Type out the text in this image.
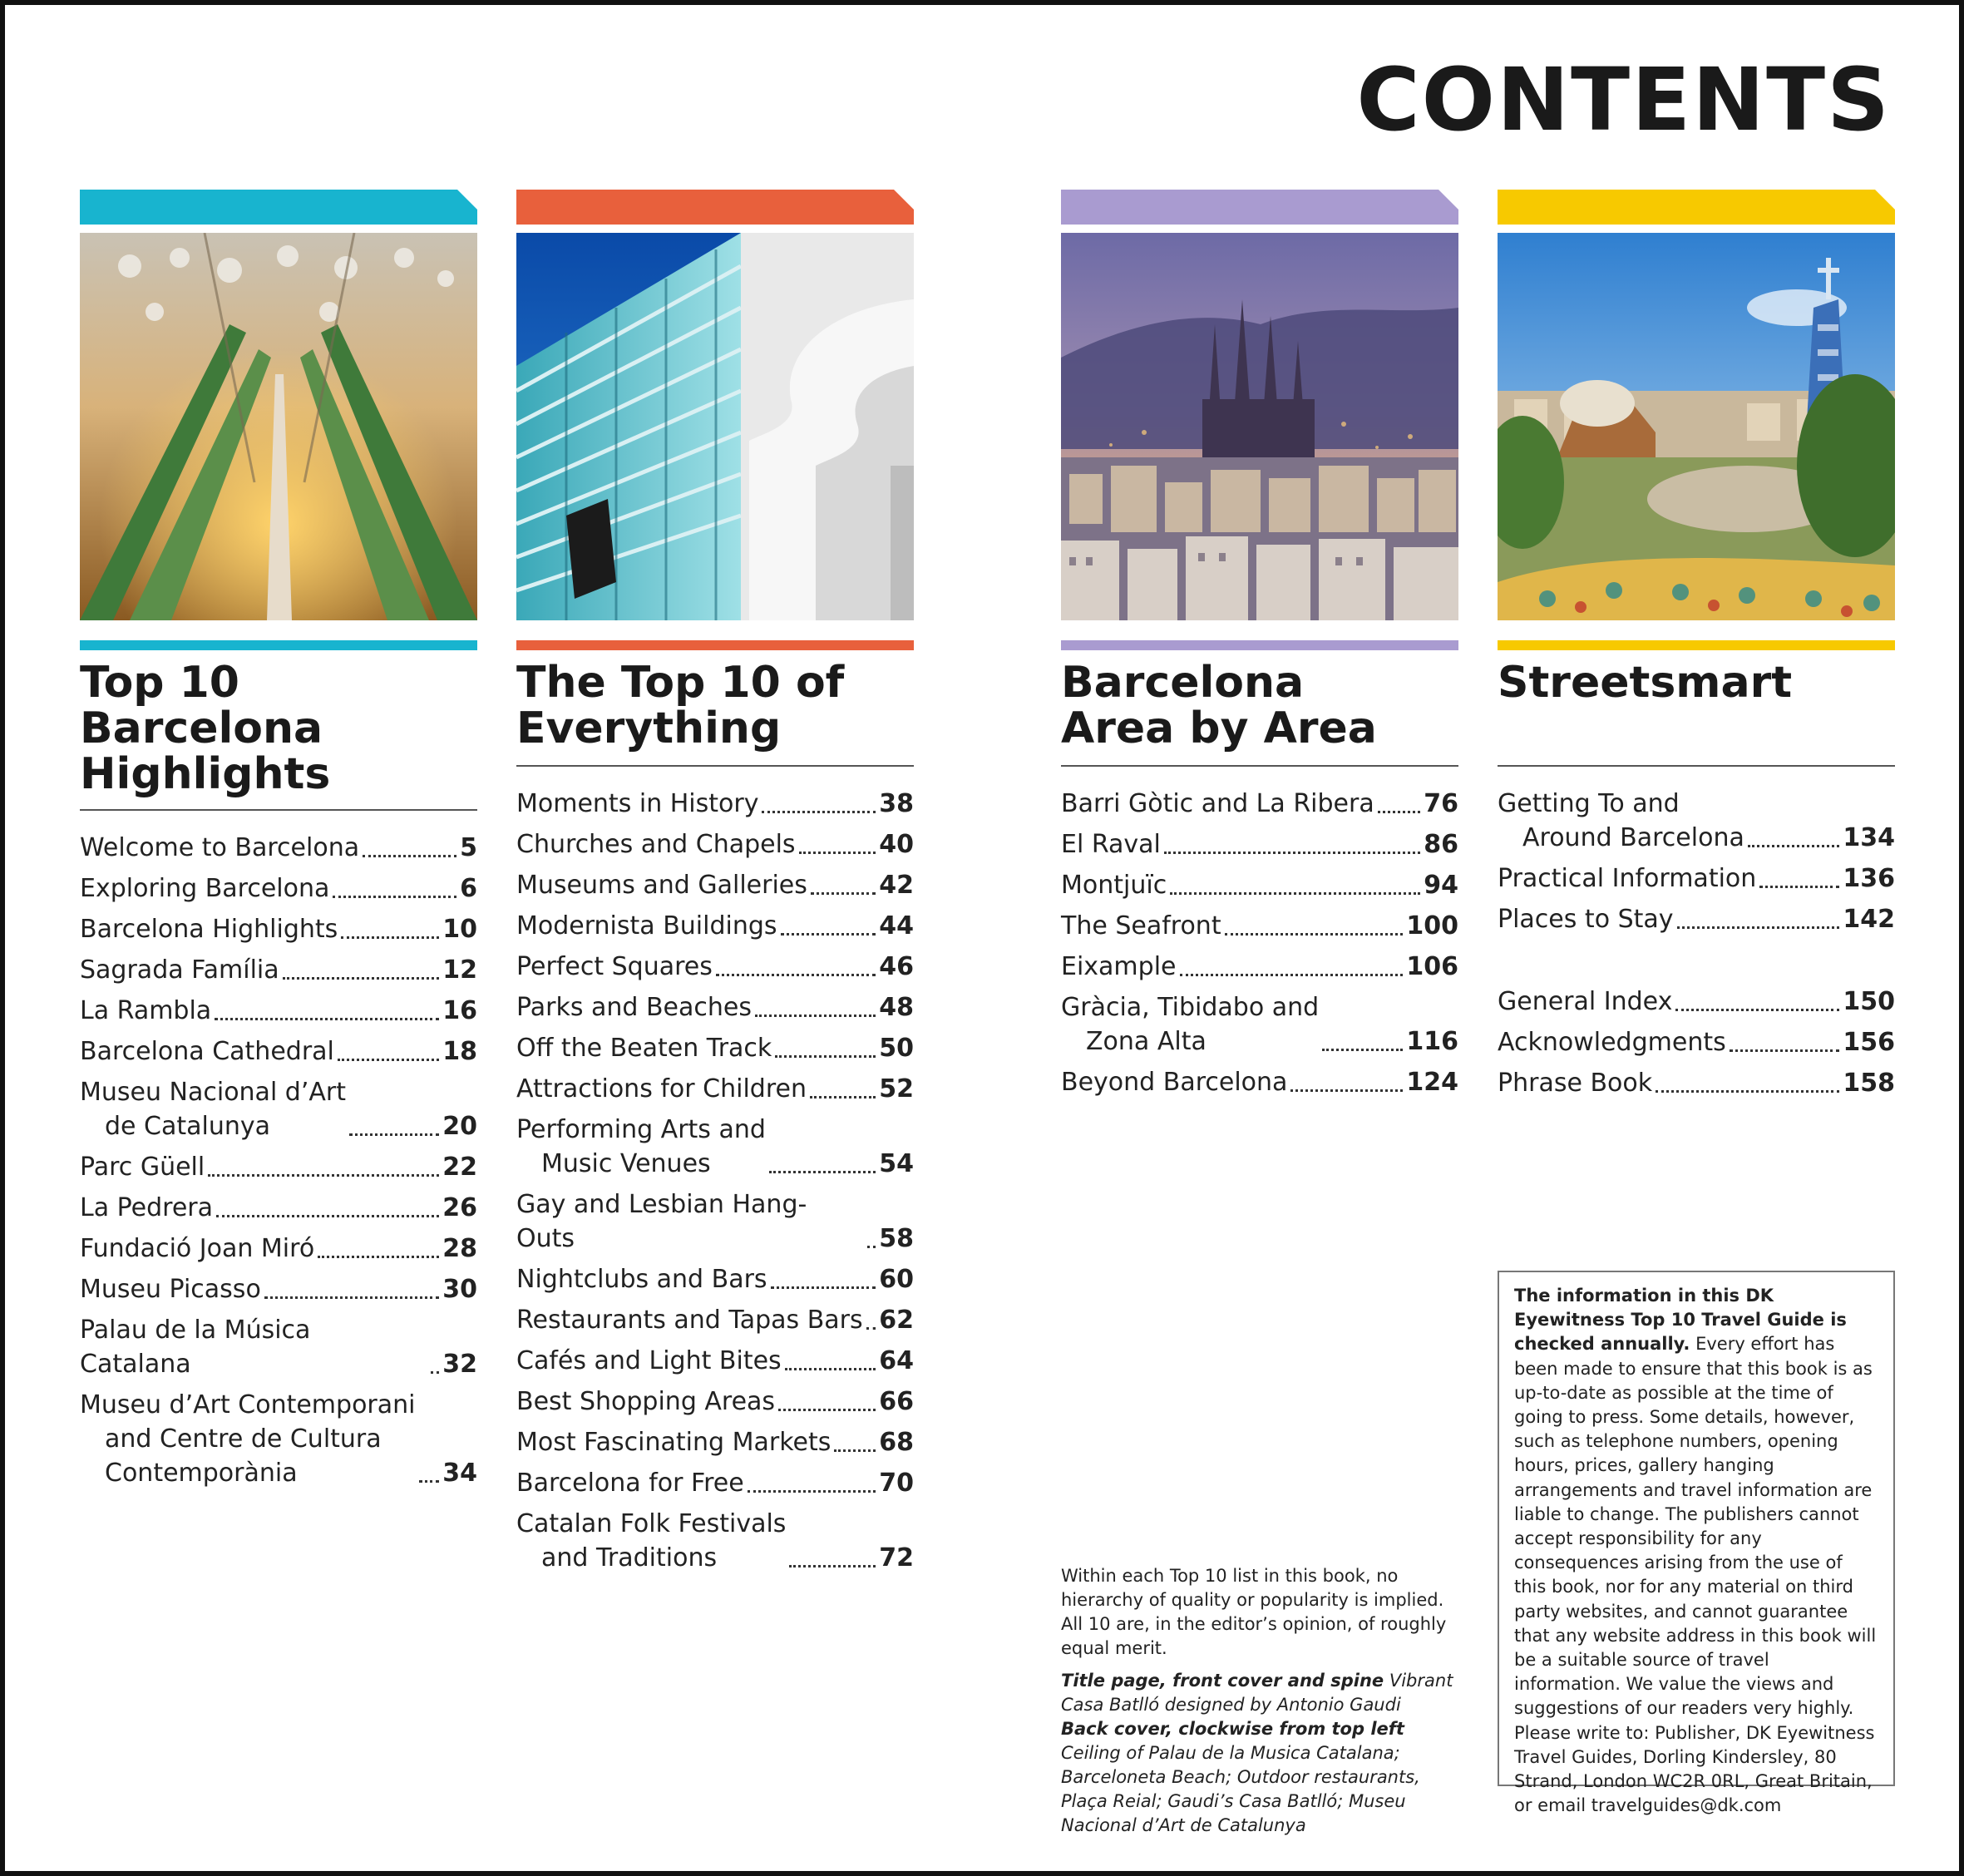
CONTENTS
Top 10 Barcelona
Highlights
Welcome to Barcelona	5
Exploring Barcelona	6
Barcelona Highlights	10
Sagrada Família	12
La Rambla	16
Barcelona Cathedral	18
Museu Nacional d’Art
de Catalunya	20
Parc Güell	22
La Pedrera	26
Fundació Joan Miró	28
Museu Picasso	30
Palau de la Música Catalana	32
Museu d’Art Contemporani
and Centre de Cultura
Contemporània	34
The Top 10 of
Everything
Moments in History	38
Churches and Chapels	40
Museums and Galleries	42
Modernista Buildings	44
Perfect Squares	46
Parks and Beaches	48
Off the Beaten Track	50
Attractions for Children	52
Performing Arts and
Music Venues	54
Gay and Lesbian Hang-Outs	58
Nightclubs and Bars	60
Restaurants and Tapas Bars 62
Cafés and Light Bites	64
Best Shopping Areas	66
Most Fascinating Markets 68
Barcelona for Free	70
Catalan Folk Festivals
and Traditions	72
Barcelona
Area by Area
Barri Gòtic and La Ribera 76
El Raval	86
Montjuïc	94
The Seafront	100
Eixample	106
Gràcia, Tibidabo and
Zona Alta	116
Beyond Barcelona	124
Streetsmart
Getting To and
Around Barcelona	134
Practical Information	136
Places to Stay	142
General Index	150
Acknowledgments	156
Phrase Book	158

Within each Top 10 list in this book, no hierarchy of quality or popularity is implied. All 10 are, in the editor’s opinion, of roughly equal merit.

Title page, front cover and spine Vibrant Casa Batlló designed by Antonio Gaudi
Back cover, clockwise from top left Ceiling of Palau de la Musica Catalana; Barceloneta Beach; Outdoor restaurants, Plaça Reial; Gaudi’s Casa Batlló; Museu Nacional d’Art de Catalunya
The information in this DK Eyewitness Top 10 Travel Guide is checked annually. Every effort has been made to ensure that this book is as up-to-date as possible at the time of going to press. Some details, however, such as telephone numbers, opening hours, prices, gallery hanging arrangements and travel information are liable to change. The publishers cannot accept responsibility for any consequences arising from the use of this book, nor for any material on third party websites, and cannot guarantee that any website address in this book will be a suitable source of travel information. We value the views and suggestions of our readers very highly. Please write to: Publisher, DK Eyewitness Travel Guides, Dorling Kindersley, 80 Strand, London WC2R 0RL, Great Britain, or email travelguides@dk.com
